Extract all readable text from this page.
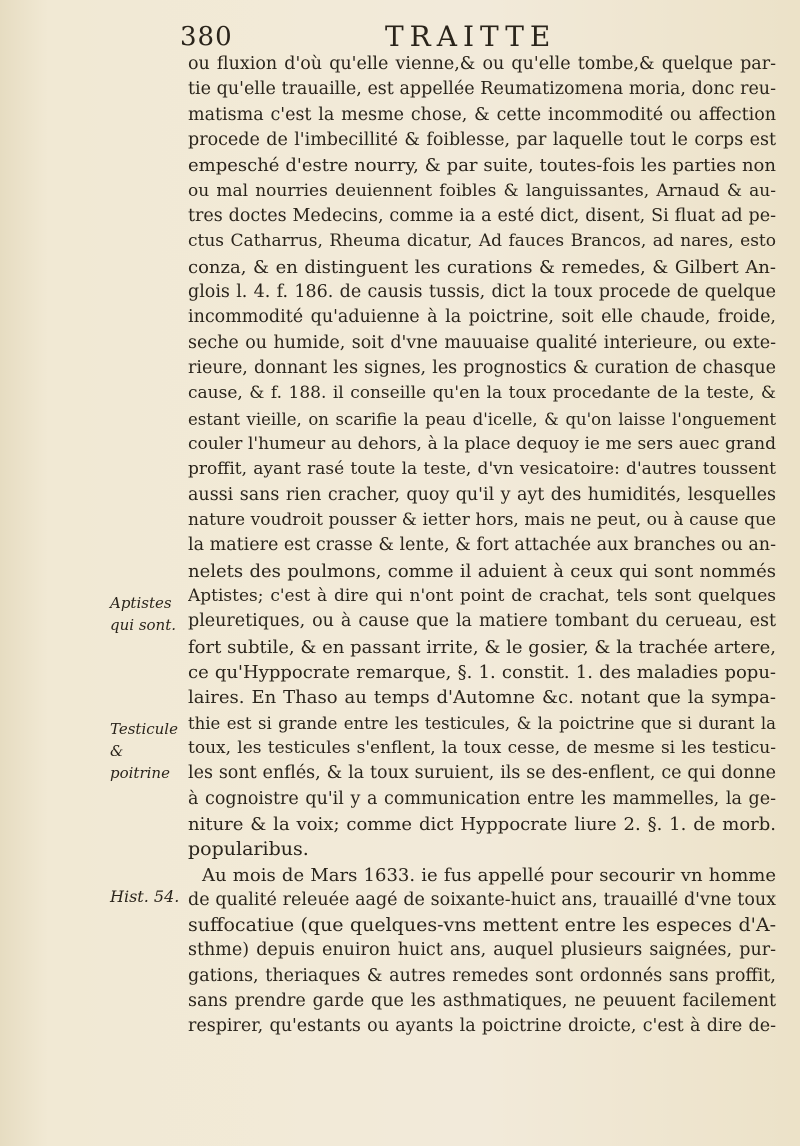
380	TRAITTE
Aptistes
qui sont.
Testicule
& poitrine
Hist. 54.
ou fluxion d'où qu'elle vienne,& ou qu'elle tombe,& quelque par-
tie qu'elle trauaille, est appellée Reumatizomena moria, donc reu-
matisma c'est la mesme chose, & cette incommodité ou affection
procede de l'imbecillité & foiblesse, par laquelle tout le corps est
empesché d'estre nourry, & par suite, toutes-fois les parties non
ou mal nourries deuiennent foibles & languissantes, Arnaud & au-
tres doctes Medecins, comme ia a esté dict, disent, Si fluat ad pe-
ctus Catharrus, Rheuma dicatur, Ad fauces Brancos, ad nares, esto
conza, & en distinguent les curations & remedes, & Gilbert An-
glois l. 4. f. 186. de causis tussis, dict la toux procede de quelque
incommodité qu'aduienne à la poictrine, soit elle chaude, froide,
seche ou humide, soit d'vne mauuaise qualité interieure, ou exte-
rieure, donnant les signes, les prognostics & curation de chasque
cause, & f. 188. il conseille qu'en la toux procedante de la teste, &
estant vieille, on scarifie la peau d'icelle, & qu'on laisse l'onguement
couler l'humeur au dehors, à la place dequoy ie me sers auec grand
proffit, ayant rasé toute la teste, d'vn vesicatoire: d'autres toussent
aussi sans rien cracher, quoy qu'il y ayt des humidités, lesquelles
nature voudroit pousser & ietter hors, mais ne peut, ou à cause que
la matiere est crasse & lente, & fort attachée aux branches ou an-
nelets des poulmons, comme il aduient à ceux qui sont nommés
Aptistes; c'est à dire qui n'ont point de crachat, tels sont quelques
pleuretiques, ou à cause que la matiere tombant du cerueau, est
fort subtile, & en passant irrite, & le gosier, & la trachée artere,
ce qu'Hyppocrate remarque, §. 1. constit. 1. des maladies popu-
laires. En Thaso au temps d'Automne &c. notant que la sympa-
thie est si grande entre les testicules, & la poictrine que si durant la
toux, les testicules s'enflent, la toux cesse, de mesme si les testicu-
les sont enflés, & la toux suruient, ils se des-enflent, ce qui donne
à cognoistre qu'il y a communication entre les mammelles, la ge-
niture & la voix; comme dict Hyppocrate liure 2. §. 1. de morb.
popularibus.
Au mois de Mars 1633. ie fus appellé pour secourir vn homme
de qualité releuée aagé de soixante-huict ans, trauaillé d'vne toux
suffocatiue (que quelques-vns mettent entre les especes d'A-
sthme) depuis enuiron huict ans, auquel plusieurs saignées, pur-
gations, theriaques & autres remedes sont ordonnés sans proffit,
sans prendre garde que les asthmatiques, ne peuuent facilement
respirer, qu'estants ou ayants la poictrine droicte, c'est à dire de-
